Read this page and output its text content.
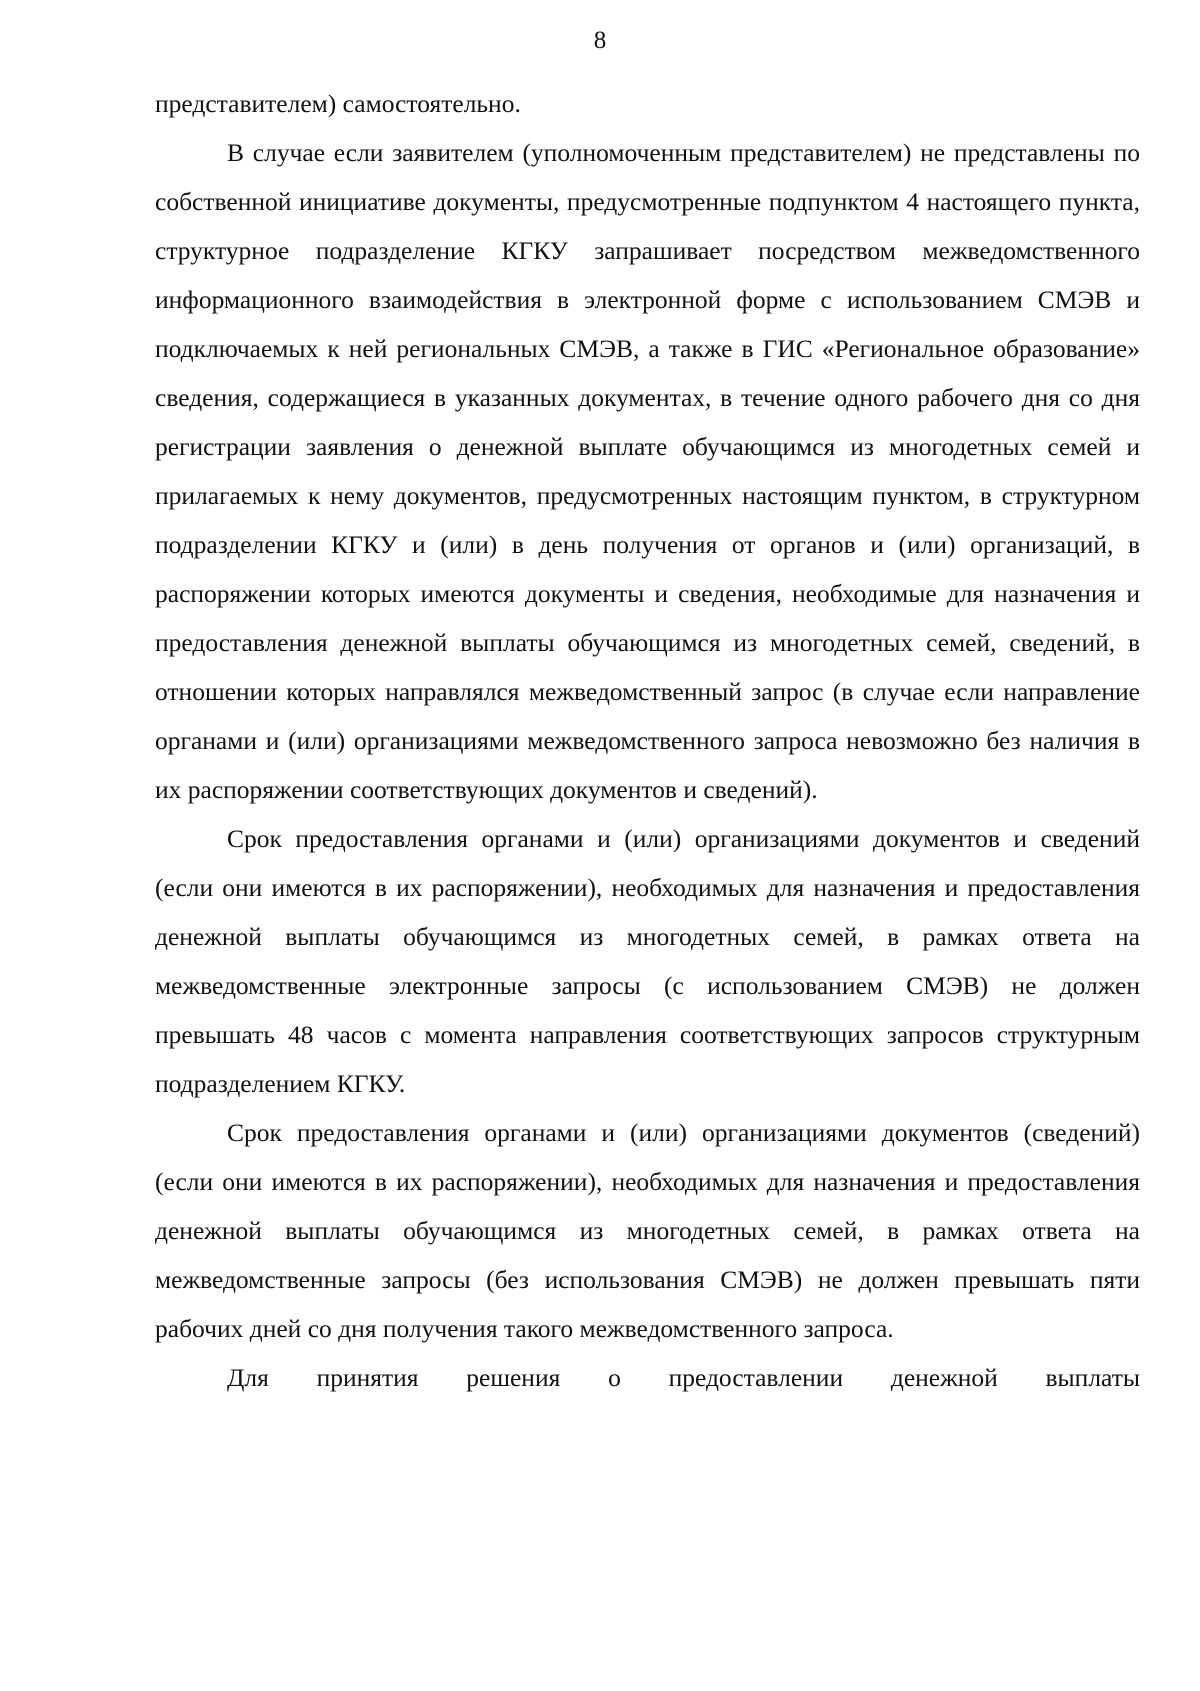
8

представителем) самостоятельно.

В случае если заявителем (уполномоченным представителем) не представлены по собственной инициативе документы, предусмотренные подпунктом 4 настоящего пункта, структурное подразделение КГКУ запрашивает посредством межведомственного информационного взаимодействия в электронной форме с использованием СМЭВ и подключаемых к ней региональных СМЭВ, а также в ГИС «Региональное образование» сведения, содержащиеся в указанных документах, в течение одного рабочего дня со дня регистрации заявления о денежной выплате обучающимся из многодетных семей и прилагаемых к нему документов, предусмотренных настоящим пунктом, в структурном подразделении КГКУ и (или) в день получения от органов и (или) организаций, в распоряжении которых имеются документы и сведения, необходимые для назначения и предоставления денежной выплаты обучающимся из многодетных семей, сведений, в отношении которых направлялся межведомственный запрос (в случае если направление органами и (или) организациями межведомственного запроса невозможно без наличия в их распоряжении соответствующих документов и сведений).

Срок предоставления органами и (или) организациями документов и сведений (если они имеются в их распоряжении), необходимых для назначения и предоставления денежной выплаты обучающимся из многодетных семей, в рамках ответа на межведомственные электронные запросы (с использованием СМЭВ) не должен превышать 48 часов с момента направления соответствующих запросов структурным подразделением КГКУ.

Срок предоставления органами и (или) организациями документов (сведений) (если они имеются в их распоряжении), необходимых для назначения и предоставления денежной выплаты обучающимся из многодетных семей, в рамках ответа на межведомственные запросы (без использования СМЭВ) не должен превышать пяти рабочих дней со дня получения такого межведомственного запроса.

Для принятия решения о предоставлении денежной выплаты
